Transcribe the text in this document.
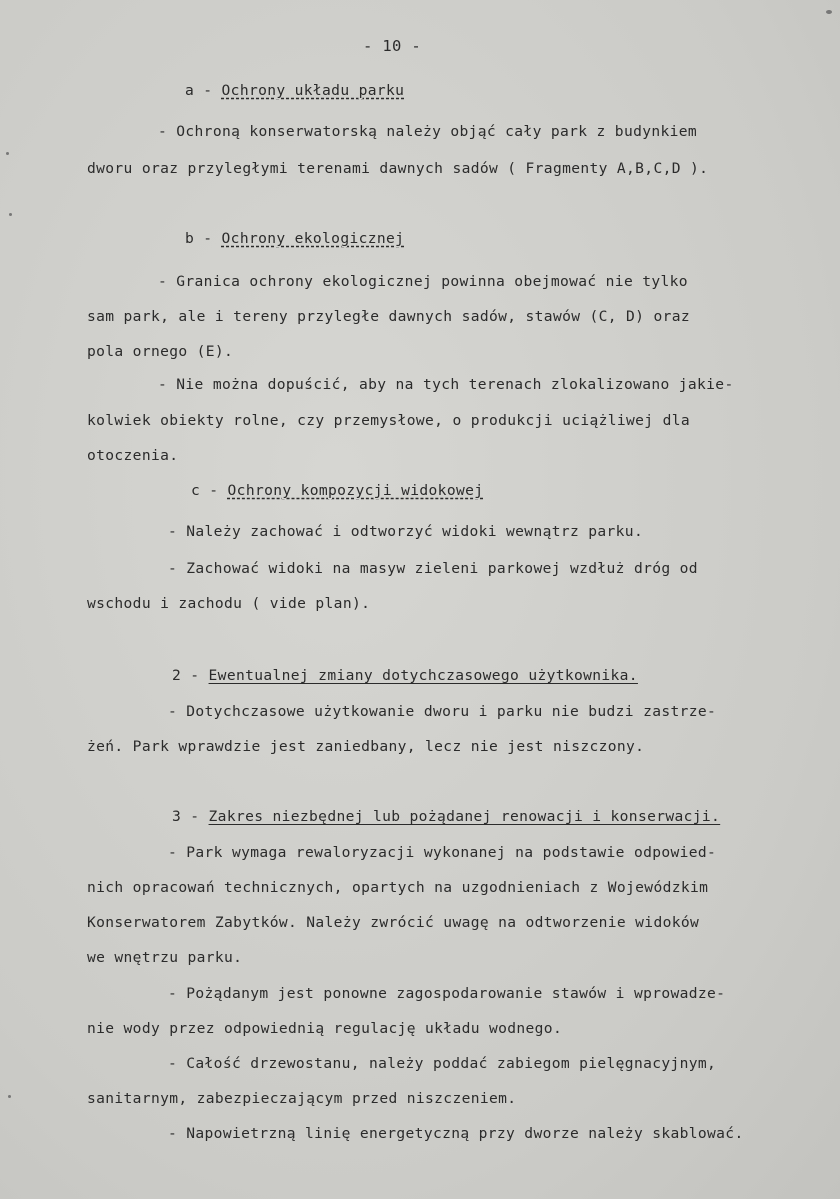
- 10 -
a - Ochrony układu parku
- Ochroną konserwatorską należy objąć cały park z budynkiem
dworu oraz przyległymi terenami dawnych sadów ( Fragmenty A,B,C,D ).
b - Ochrony ekologicznej
- Granica ochrony ekologicznej powinna obejmować nie tylko
sam park, ale i tereny przyległe dawnych sadów, stawów (C, D) oraz
pola ornego (E).
- Nie można dopuścić, aby na tych terenach zlokalizowano jakie-
kolwiek obiekty rolne, czy przemysłowe, o produkcji uciążliwej dla
otoczenia.
c - Ochrony kompozycji widokowej
- Należy zachować i odtworzyć widoki wewnątrz parku.
- Zachować widoki na masyw zieleni parkowej wzdłuż dróg od
wschodu i zachodu ( vide plan).
2 - Ewentualnej zmiany dotychczasowego użytkownika.
- Dotychczasowe użytkowanie dworu i parku nie budzi zastrze-
żeń. Park wprawdzie jest zaniedbany, lecz nie jest niszczony.
3 - Zakres niezbędnej lub pożądanej renowacji i konserwacji.
- Park wymaga rewaloryzacji wykonanej na podstawie odpowied-
nich opracowań technicznych, opartych na uzgodnieniach z Wojewódzkim
Konserwatorem Zabytków. Należy zwrócić uwagę na odtworzenie widoków
we wnętrzu parku.
- Pożądanym jest ponowne zagospodarowanie stawów i wprowadze-
nie wody przez odpowiednią regulację układu wodnego.
- Całość drzewostanu, należy poddać zabiegom pielęgnacyjnym,
sanitarnym, zabezpieczającym przed niszczeniem.
- Napowietrzną linię energetyczną przy dworze należy skablować.
